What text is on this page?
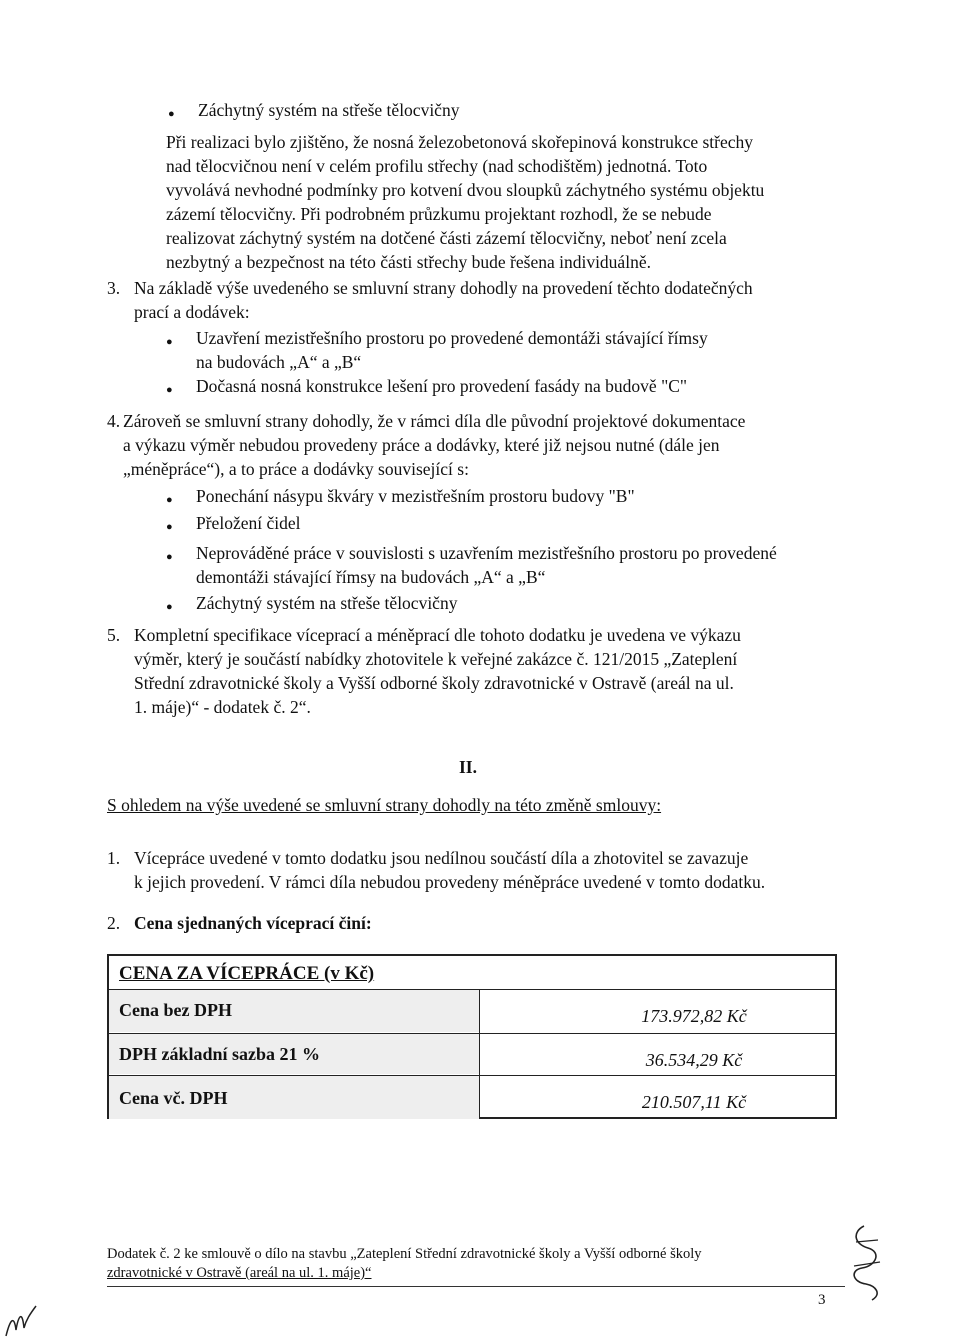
● Záchytný systém na střeše tělocvičny
Při realizaci bylo zjištěno, že nosná železobetonová skořepinová konstrukce střechy
nad tělocvičnou není v celém profilu střechy (nad schodištěm) jednotná. Toto
vyvolává nevhodné podmínky pro kotvení dvou sloupků záchytného systému objektu
zázemí tělocvičny. Při podrobném průzkumu projektant rozhodl, že se nebude
realizovat záchytný systém na dotčené části zázemí tělocvičny, neboť není zcela
nezbytný a bezpečnost na této části střechy bude řešena individuálně.
3. Na základě výše uvedeného se smluvní strany dohodly na provedení těchto dodatečných
prací a dodávek:
● Uzavření mezistřešního prostoru po provedené demontáži stávající římsy
na budovách „A“ a „B“
● Dočasná nosná konstrukce lešení pro provedení fasády na budově "C"
4. Zároveň se smluvní strany dohodly, že v rámci díla dle původní projektové dokumentace
a výkazu výměr nebudou provedeny práce a dodávky, které již nejsou nutné (dále jen
„méněpráce“), a to práce a dodávky související s:
● Ponechání násypu škváry v mezistřešním prostoru budovy "B"
● Přeložení čidel
● Neprováděné práce v souvislosti s uzavřením mezistřešního prostoru po provedené
demontáži stávající římsy na budovách „A“ a „B“
● Záchytný systém na střeše tělocvičny
5. Kompletní specifikace víceprací a méněprací dle tohoto dodatku je uvedena ve výkazu
výměr, který je součástí nabídky zhotovitele k veřejné zakázce č. 121/2015 „Zateplení
Střední zdravotnické školy a Vyšší odborné školy zdravotnické v Ostravě (areál na ul.
1. máje)“ - dodatek č. 2“.
II.
S ohledem na výše uvedené se smluvní strany dohodly na této změně smlouvy:
1. Vícepráce uvedené v tomto dodatku jsou nedílnou součástí díla a zhotovitel se zavazuje
k jejich provedení. V rámci díla nebudou provedeny méněpráce uvedené v tomto dodatku.
2. Cena sjednaných víceprací činí:
CENA ZA VÍCEPRÁCE (v Kč)
Cena bez DPH	173.972,82 Kč
DPH základní sazba 21 %	36.534,29 Kč
Cena vč. DPH	210.507,11 Kč
Dodatek č. 2 ke smlouvě o dílo na stavbu „Zateplení Střední zdravotnické školy a Vyšší odborné školy
zdravotnické v Ostravě (areál na ul. 1. máje)“
3
